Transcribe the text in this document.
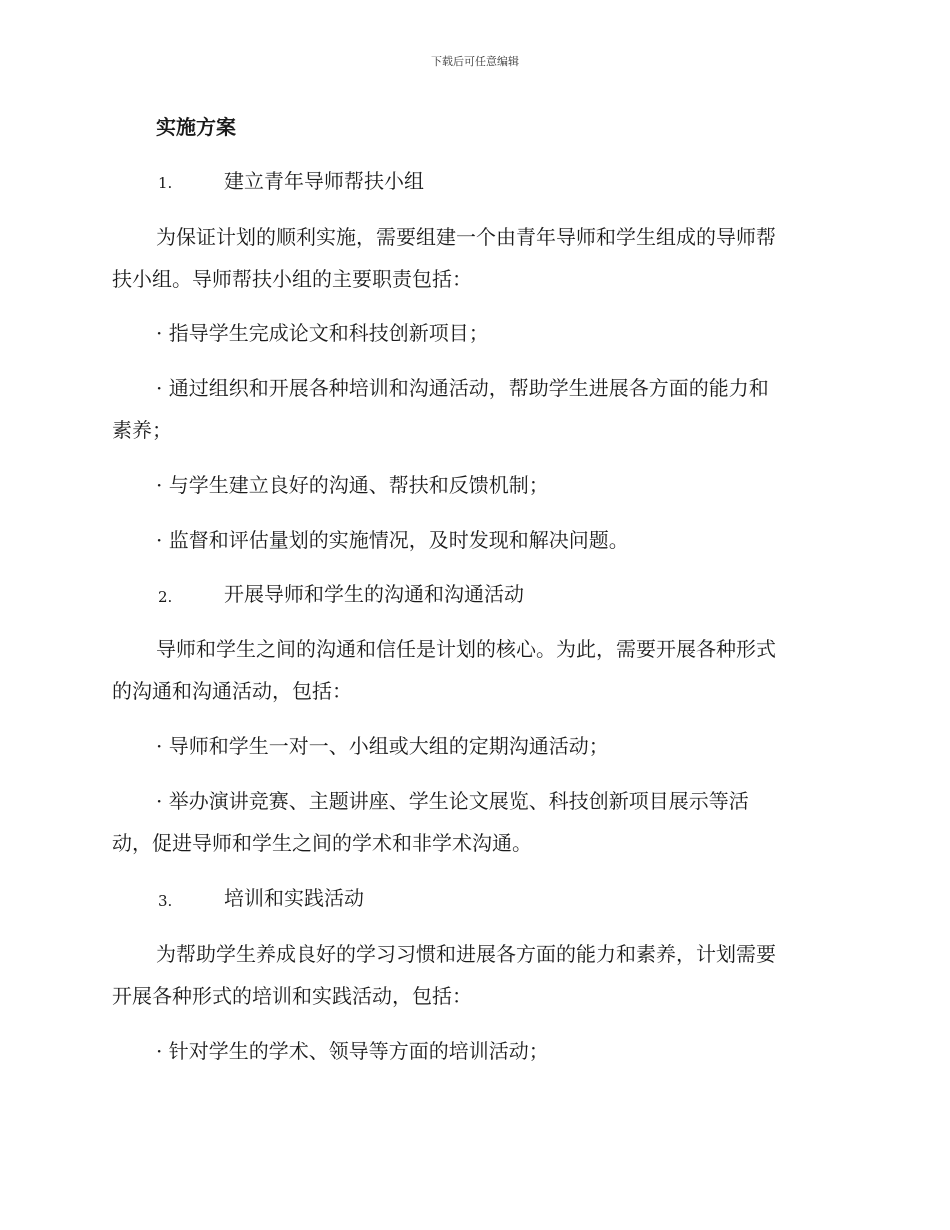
下载后可任意编辑
实施方案
1.	建立青年导师帮扶小组
为保证计划的顺利实施，需要组建一个由青年导师和学生组成的导师帮
扶小组。导师帮扶小组的主要职责包括：
· 指导学生完成论文和科技创新项目；
· 通过组织和开展各种培训和沟通活动，帮助学生进展各方面的能力和
素养；
· 与学生建立良好的沟通、帮扶和反馈机制；
· 监督和评估量划的实施情况，及时发现和解决问题。
2.	开展导师和学生的沟通和沟通活动
导师和学生之间的沟通和信任是计划的核心。为此，需要开展各种形式
的沟通和沟通活动，包括：
· 导师和学生一对一、小组或大组的定期沟通活动；
· 举办演讲竞赛、主题讲座、学生论文展览、科技创新项目展示等活
动，促进导师和学生之间的学术和非学术沟通。
3.	培训和实践活动
为帮助学生养成良好的学习习惯和进展各方面的能力和素养，计划需要
开展各种形式的培训和实践活动，包括：
· 针对学生的学术、领导等方面的培训活动；
